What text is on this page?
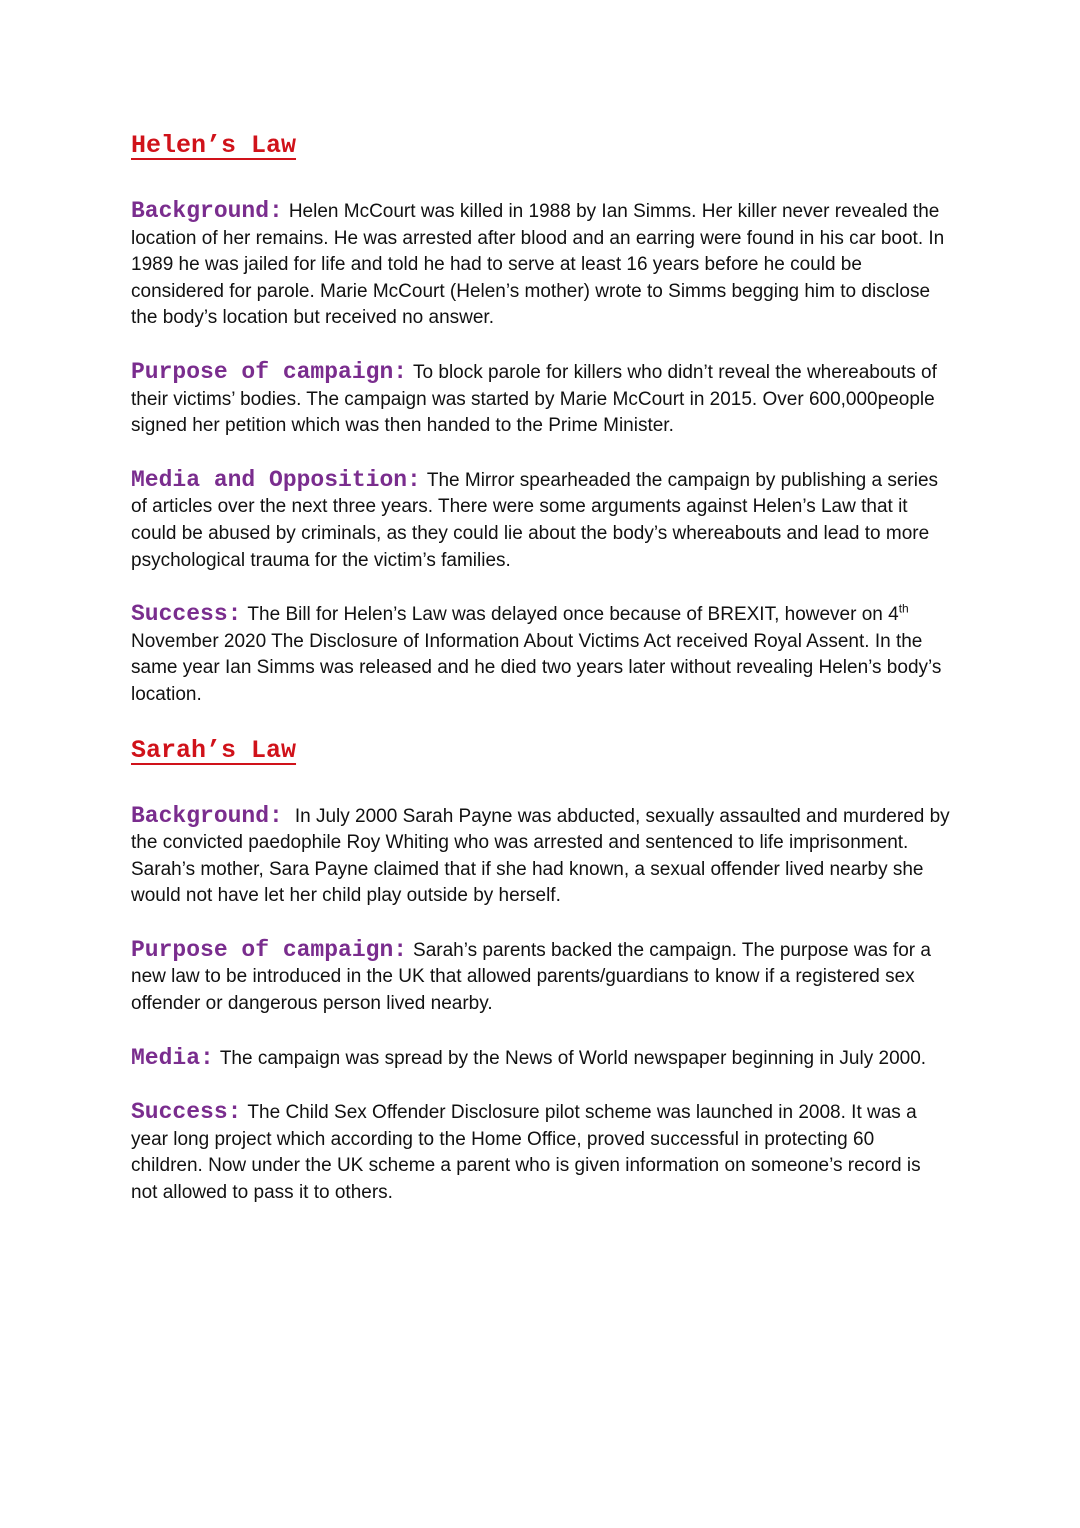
Helen’s Law

Background: Helen McCourt was killed in 1988 by Ian Simms. Her killer never revealed the location of her remains. He was arrested after blood and an earring were found in his car boot. In 1989 he was jailed for life and told he had to serve at least 16 years before he could be considered for parole. Marie McCourt (Helen’s mother) wrote to Simms begging him to disclose the body’s location but received no answer.

Purpose of campaign: To block parole for killers who didn’t reveal the whereabouts of their victims’ bodies. The campaign was started by Marie McCourt in 2015. Over 600,000people signed her petition which was then handed to the Prime Minister.

Media and Opposition: The Mirror spearheaded the campaign by publishing a series of articles over the next three years. There were some arguments against Helen’s Law that it could be abused by criminals, as they could lie about the body’s whereabouts and lead to more psychological trauma for the victim’s families.

Success: The Bill for Helen’s Law was delayed once because of BREXIT, however on 4th November 2020 The Disclosure of Information About Victims Act received Royal Assent. In the same year Ian Simms was released and he died two years later without revealing Helen’s body’s location.

Sarah’s Law

Background: In July 2000 Sarah Payne was abducted, sexually assaulted and murdered by the convicted paedophile Roy Whiting who was arrested and sentenced to life imprisonment. Sarah’s mother, Sara Payne claimed that if she had known, a sexual offender lived nearby she would not have let her child play outside by herself.

Purpose of campaign: Sarah’s parents backed the campaign. The purpose was for a new law to be introduced in the UK that allowed parents/guardians to know if a registered sex offender or dangerous person lived nearby.

Media: The campaign was spread by the News of World newspaper beginning in July 2000.

Success: The Child Sex Offender Disclosure pilot scheme was launched in 2008. It was a year long project which according to the Home Office, proved successful in protecting 60 children. Now under the UK scheme a parent who is given information on someone’s record is not allowed to pass it to others.
